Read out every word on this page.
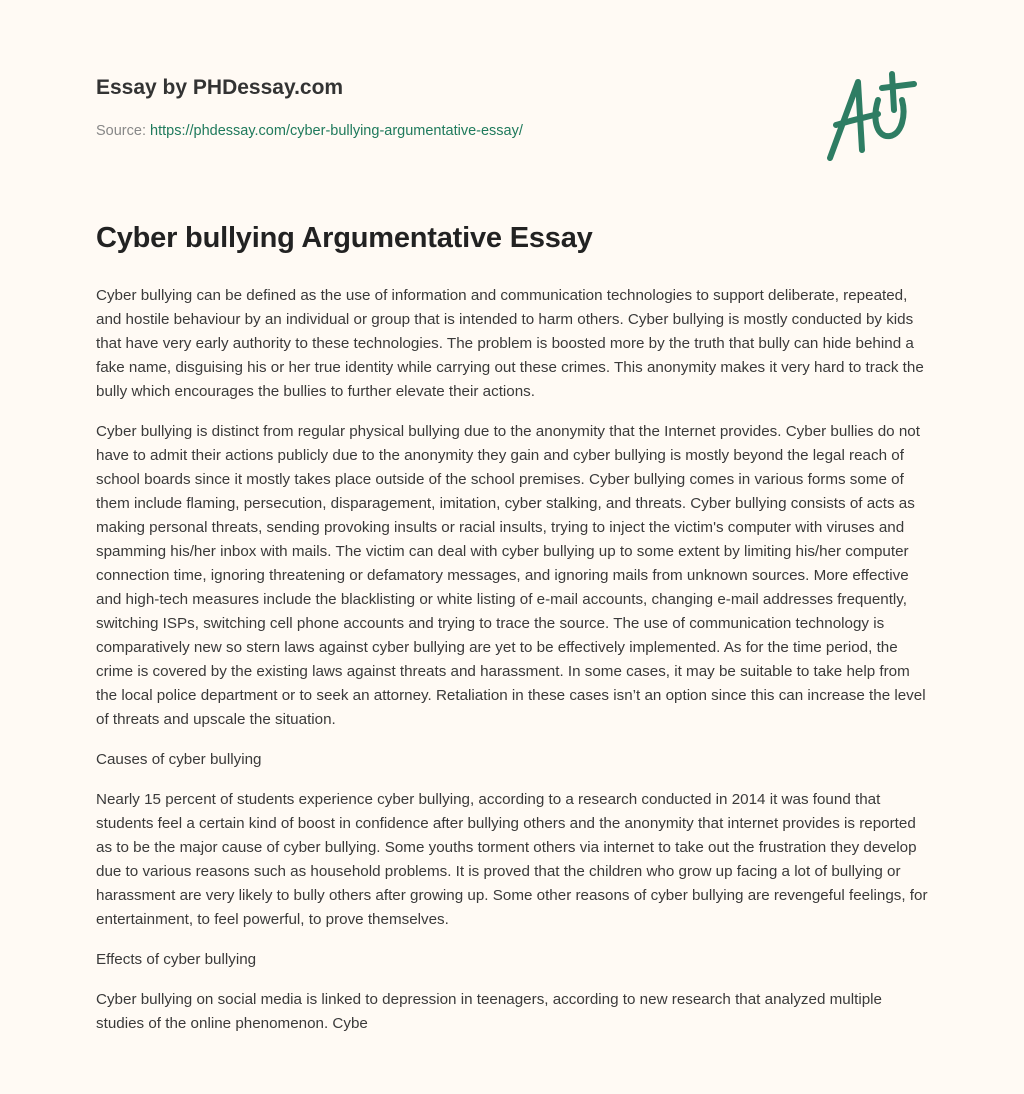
Essay by PHDessay.com
Source: https://phdessay.com/cyber-bullying-argumentative-essay/
Cyber bullying Argumentative Essay

Cyber bullying can be defined as the use of information and communication technologies to support deliberate, repeated, and hostile behaviour by an individual or group that is intended to harm others. Cyber bullying is mostly conducted by kids that have very early authority to these technologies. The problem is boosted more by the truth that bully can hide behind a fake name, disguising his or her true identity while carrying out these crimes. This anonymity makes it very hard to track the bully which encourages the bullies to further elevate their actions.

Cyber bullying is distinct from regular physical bullying due to the anonymity that the Internet provides. Cyber bullies do not have to admit their actions publicly due to the anonymity they gain and cyber bullying is mostly beyond the legal reach of school boards since it mostly takes place outside of the school premises. Cyber bullying comes in various forms some of them include flaming, persecution, disparagement, imitation, cyber stalking, and threats. Cyber bullying consists of acts as making personal threats, sending provoking insults or racial insults, trying to inject the victim's computer with viruses and spamming his/her inbox with mails. The victim can deal with cyber bullying up to some extent by limiting his/her computer connection time, ignoring threatening or defamatory messages, and ignoring mails from unknown sources. More effective and high-tech measures include the blacklisting or white listing of e-mail accounts, changing e-mail addresses frequently, switching ISPs, switching cell phone accounts and trying to trace the source. The use of communication technology is comparatively new so stern laws against cyber bullying are yet to be effectively implemented. As for the time period, the crime is covered by the existing laws against threats and harassment. In some cases, it may be suitable to take help from the local police department or to seek an attorney. Retaliation in these cases isn’t an option since this can increase the level of threats and upscale the situation.

Causes of cyber bullying

Nearly 15 percent of students experience cyber bullying, according to a research conducted in 2014 it was found that students feel a certain kind of boost in confidence after bullying others and the anonymity that internet provides is reported as to be the major cause of cyber bullying. Some youths torment others via internet to take out the frustration they develop due to various reasons such as household problems. It is proved that the children who grow up facing a lot of bullying or harassment are very likely to bully others after growing up. Some other reasons of cyber bullying are revengeful feelings, for entertainment, to feel powerful, to prove themselves.

Effects of cyber bullying

Cyber bullying on social media is linked to depression in teenagers, according to new research that analyzed multiple studies of the online phenomenon. Cybe
